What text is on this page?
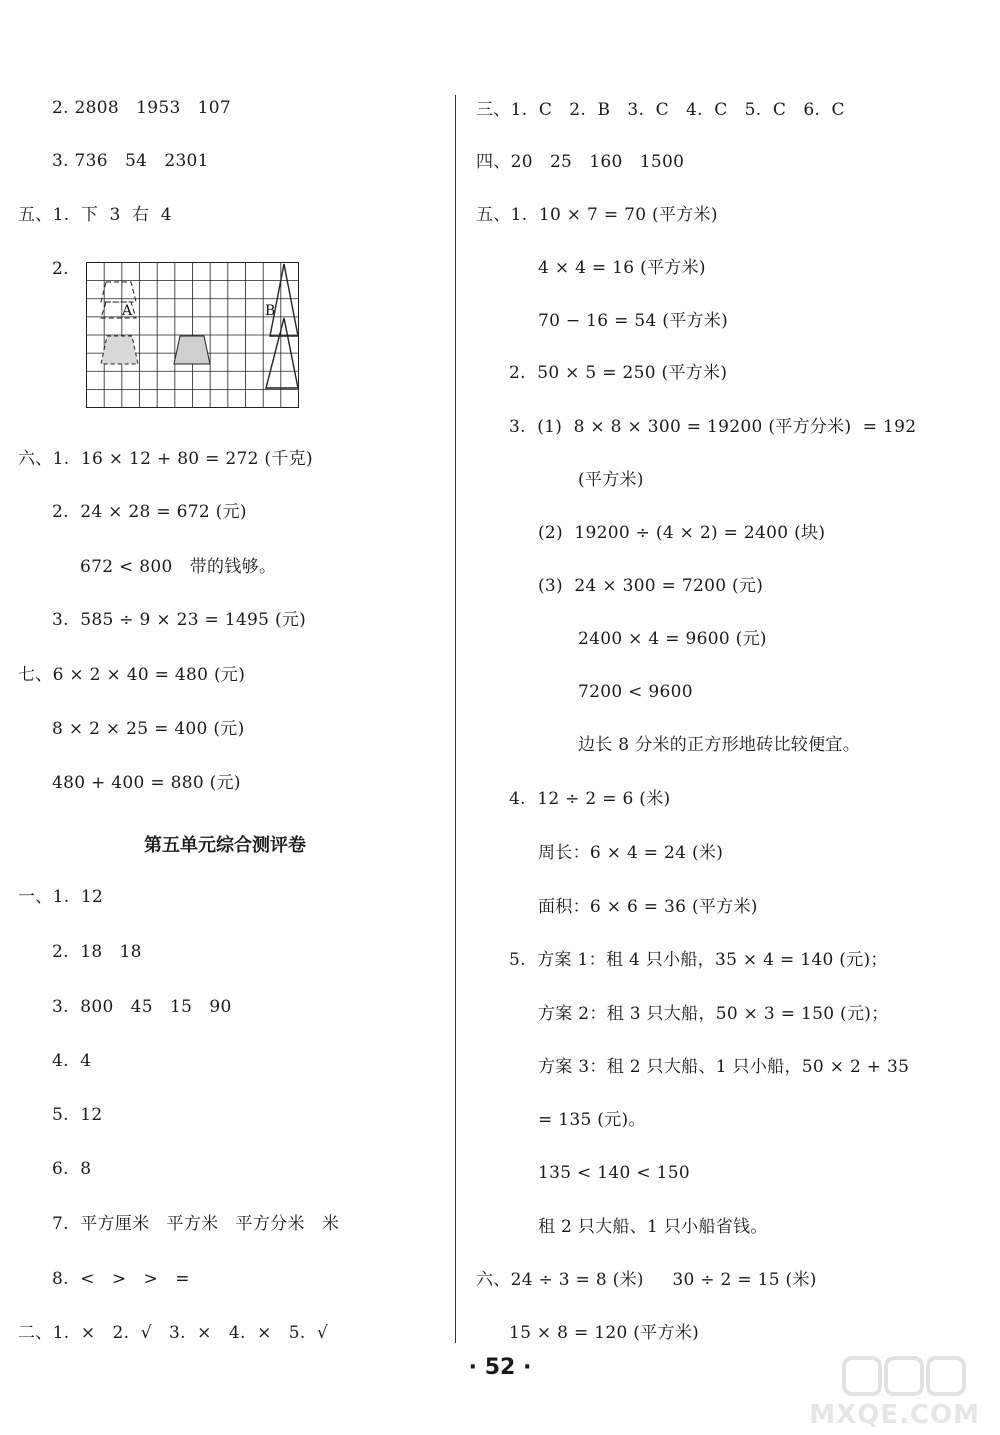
2. 2808   1953   107
3. 736   54   2301
五、1.  下  3  右  4
2.
A	B
六、1.  16 × 12 + 80 = 272 (千克)
2.  24 × 28 = 672 (元)
672 < 800   带的钱够。
3.  585 ÷ 9 × 23 = 1495 (元)
七、6 × 2 × 40 = 480 (元)
8 × 2 × 25 = 400 (元)
480 + 400 = 880 (元)
第五单元综合测评卷
一、1.  12
2.  18   18
3.  800   45   15   90
4.  4
5.  12
6.  8
7.  平方厘米   平方米   平方分米   米
8.  <   >   >   =
二、1.  ×   2.  √   3.  ×   4.  ×   5.  √
三、1.  C   2.  B   3.  C   4.  C   5.  C   6.  C
四、20   25   160   1500
五、1.  10 × 7 = 70 (平方米)
4 × 4 = 16 (平方米)
70 − 16 = 54 (平方米)
2.  50 × 5 = 250 (平方米)
3.  (1)  8 × 8 × 300 = 19200 (平方分米)  = 192
(平方米)
(2)  19200 ÷ (4 × 2) = 2400 (块)
(3)  24 × 300 = 7200 (元)
2400 × 4 = 9600 (元)
7200 < 9600
边长 8 分米的正方形地砖比较便宜。
4.  12 ÷ 2 = 6 (米)
周长：6 × 4 = 24 (米)
面积：6 × 6 = 36 (平方米)
5.  方案 1：租 4 只小船，35 × 4 = 140 (元)；
方案 2：租 3 只大船，50 × 3 = 150 (元)；
方案 3：租 2 只大船、1 只小船，50 × 2 + 35
= 135 (元)。
135 < 140 < 150
租 2 只大船、1 只小船省钱。
六、24 ÷ 3 = 8 (米)     30 ÷ 2 = 15 (米)
15 × 8 = 120 (平方米)
· 52 ·
MXQE.COM
